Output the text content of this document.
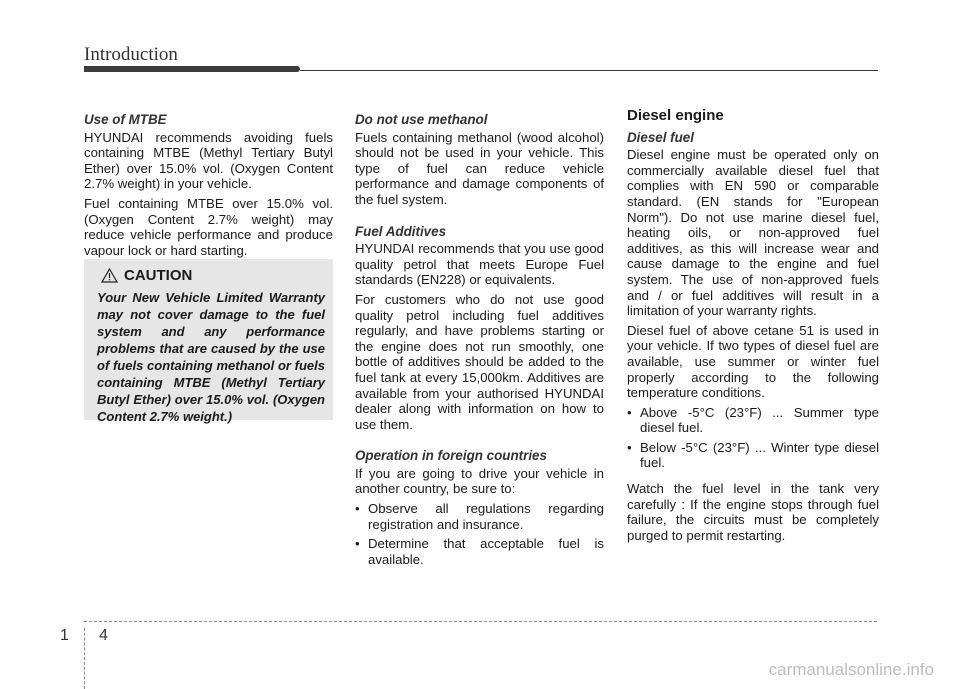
Introduction
Use of MTBE

HYUNDAI recommends avoiding fuels containing MTBE (Methyl Tertiary Butyl Ether) over 15.0% vol. (Oxygen Content 2.7% weight) in your vehicle.

Fuel containing MTBE over 15.0% vol. (Oxygen Content 2.7% weight) may reduce vehicle performance and produce vapour lock or hard starting.

CAUTION
Your New Vehicle Limited Warranty may not cover damage to the fuel system and any performance problems that are caused by the use of fuels containing methanol or fuels containing MTBE (Methyl Tertiary Butyl Ether) over 15.0% vol. (Oxygen Content 2.7% weight.)
Do not use methanol

Fuels containing methanol (wood alcohol) should not be used in your vehicle. This type of fuel can reduce vehicle performance and damage components of the fuel system.

Fuel Additives

HYUNDAI recommends that you use good quality petrol that meets Europe Fuel standards (EN228) or equivalents.

For customers who do not use good quality petrol including fuel additives regularly, and have problems starting or the engine does not run smoothly, one bottle of additives should be added to the fuel tank at every 15,000km. Additives are available from your authorised HYUNDAI dealer along with information on how to use them.

Operation in foreign countries

If you are going to drive your vehicle in another country, be sure to:

• Observe all regulations regarding registration and insurance.
• Determine that acceptable fuel is available.
Diesel engine
Diesel fuel

Diesel engine must be operated only on commercially available diesel fuel that complies with EN 590 or comparable standard. (EN stands for "European Norm"). Do not use marine diesel fuel, heating oils, or non-approved fuel additives, as this will increase wear and cause damage to the engine and fuel system. The use of non-approved fuels and / or fuel additives will result in a limitation of your warranty rights.

Diesel fuel of above cetane 51 is used in your vehicle. If two types of diesel fuel are available, use summer or winter fuel properly according to the following temperature conditions.

• Above -5°C (23°F) ... Summer type diesel fuel.
• Below -5°C (23°F) ... Winter type diesel fuel.

Watch the fuel level in the tank very carefully : If the engine stops through fuel failure, the circuits must be completely purged to permit restarting.

1 4
carmanualsonline.info
